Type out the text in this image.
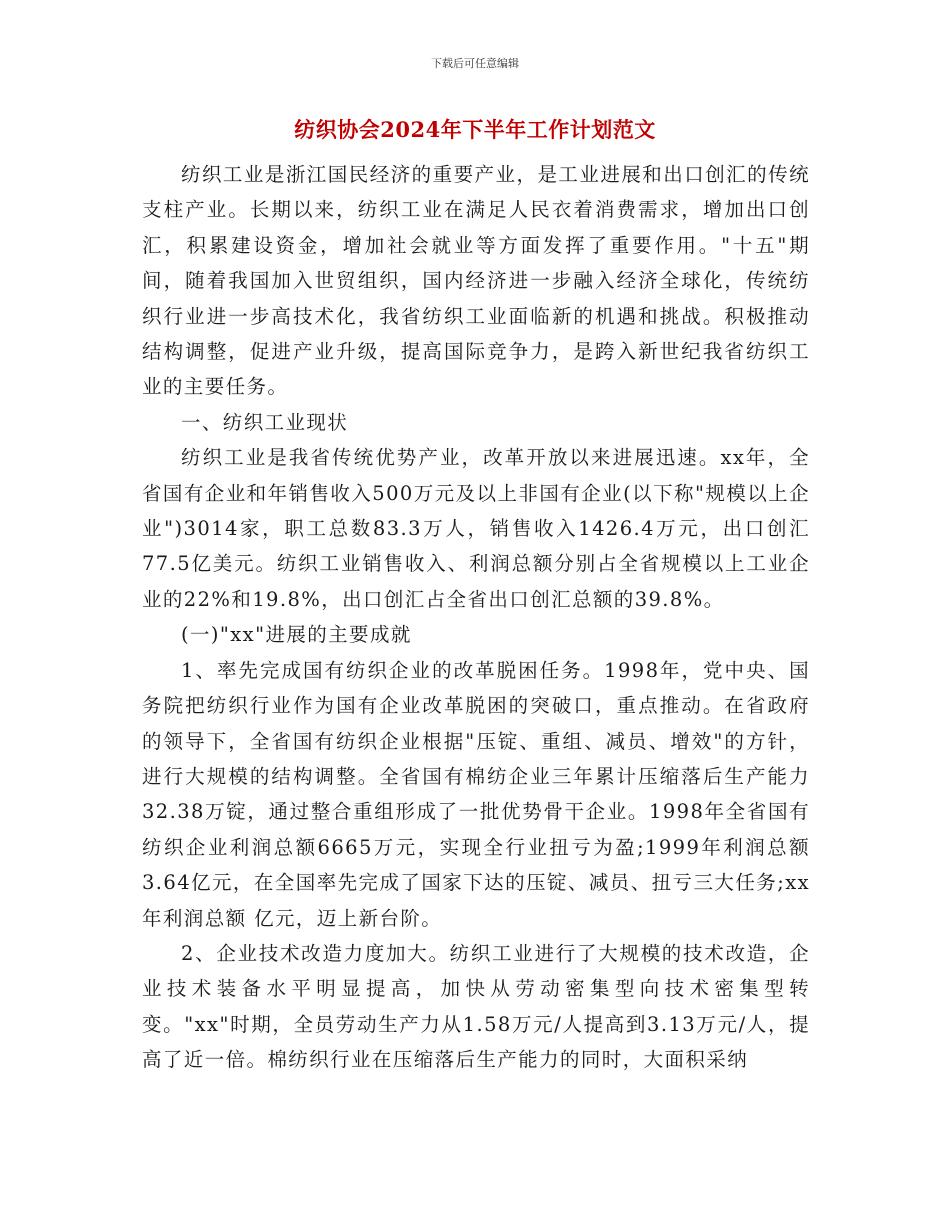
下载后可任意编辑
纺织协会2024年下半年工作计划范文

纺织工业是浙江国民经济的重要产业，是工业进展和出口创汇的传统支柱产业。长期以来，纺织工业在满足人民衣着消费需求，增加出口创汇，积累建设资金，增加社会就业等方面发挥了重要作用。"十五"期间，随着我国加入世贸组织，国内经济进一步融入经济全球化，传统纺织行业进一步高技术化，我省纺织工业面临新的机遇和挑战。积极推动结构调整，促进产业升级，提高国际竞争力，是跨入新世纪我省纺织工业的主要任务。

一、纺织工业现状

纺织工业是我省传统优势产业，改革开放以来进展迅速。xx年，全省国有企业和年销售收入500万元及以上非国有企业(以下称"规模以上企业")3014家，职工总数83.3万人，销售收入1426.4万元，出口创汇77.5亿美元。纺织工业销售收入、利润总额分别占全省规模以上工业企业的22%和19.8%，出口创汇占全省出口创汇总额的39.8%。

(一)"xx"进展的主要成就

1、率先完成国有纺织企业的改革脱困任务。1998年，党中央、国务院把纺织行业作为国有企业改革脱困的突破口，重点推动。在省政府的领导下，全省国有纺织企业根据"压锭、重组、减员、增效"的方针，进行大规模的结构调整。全省国有棉纺企业三年累计压缩落后生产能力32.38万锭，通过整合重组形成了一批优势骨干企业。1998年全省国有纺织企业利润总额6665万元，实现全行业扭亏为盈;1999年利润总额3.64亿元，在全国率先完成了国家下达的压锭、减员、扭亏三大任务;xx年利润总额 亿元，迈上新台阶。

2、企业技术改造力度加大。纺织工业进行了大规模的技术改造，企业技术装备水平明显提高，加快从劳动密集型向技术密集型转变。"xx"时期，全员劳动生产力从1.58万元/人提高到3.13万元/人，提高了近一倍。棉纺织行业在压缩落后生产能力的同时，大面积采纳
